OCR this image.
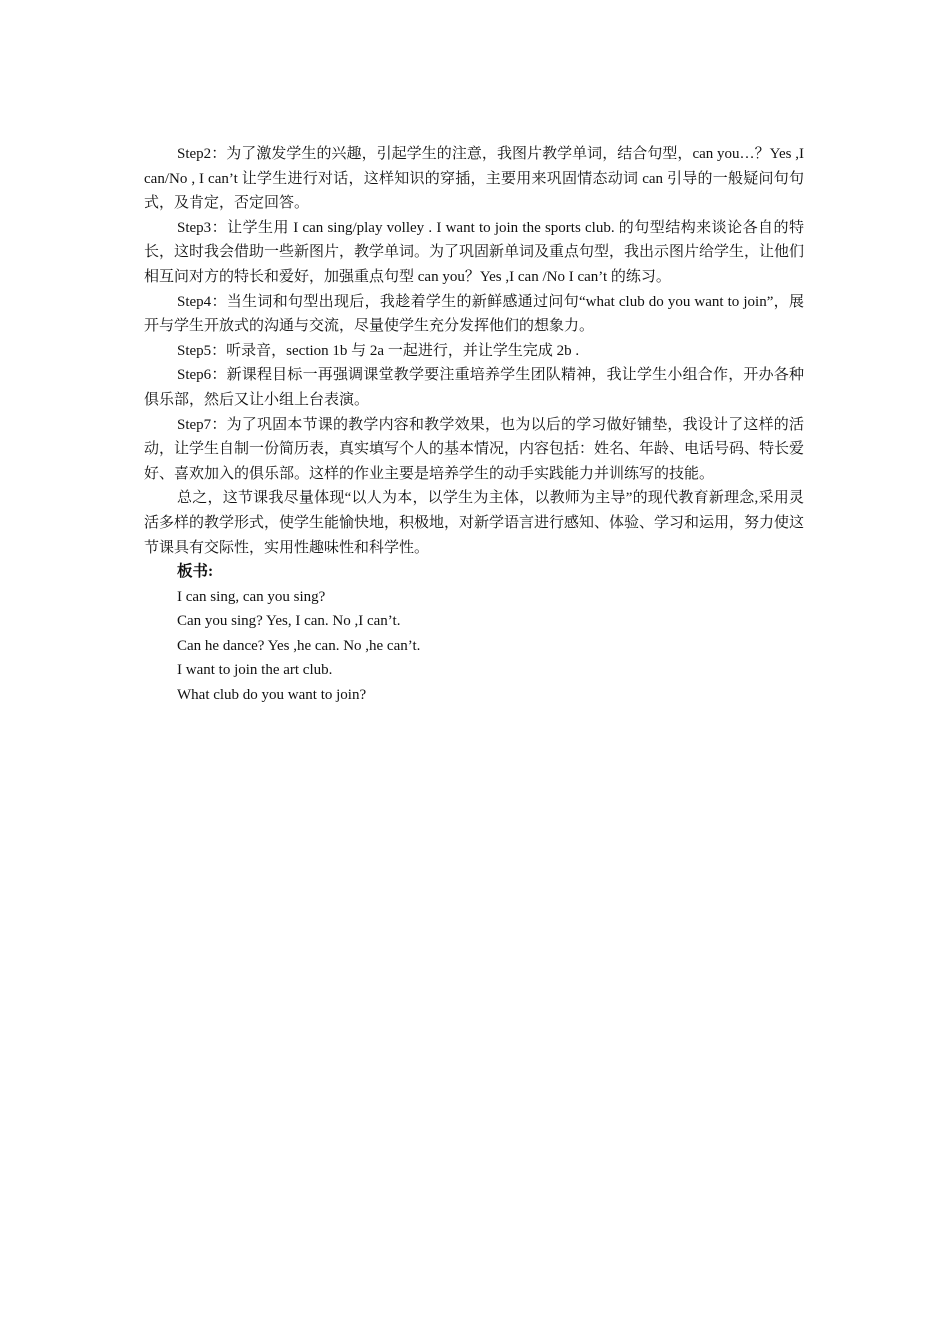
Step2：为了激发学生的兴趣，引起学生的注意，我图片教学单词，结合句型，can you…？Yes ,I can/No , I can’t 让学生进行对话，这样知识的穿插，主要用来巩固情态动词 can 引导的一般疑问句句式，及肯定，否定回答。

Step3：让学生用 I can sing/play volley . I want to join the sports club. 的句型结构来谈论各自的特长，这时我会借助一些新图片，教学单词。为了巩固新单词及重点句型，我出示图片给学生，让他们相互问对方的特长和爱好，加强重点句型 can you？Yes ,I can /No I can’t 的练习。

Step4：当生词和句型出现后，我趁着学生的新鲜感通过问句“what club do you want to join”，展开与学生开放式的沟通与交流，尽量使学生充分发挥他们的想象力。

Step5：听录音，section 1b 与 2a 一起进行，并让学生完成 2b .

Step6：新课程目标一再强调课堂教学要注重培养学生团队精神，我让学生小组合作，开办各种俱乐部，然后又让小组上台表演。

Step7：为了巩固本节课的教学内容和教学效果，也为以后的学习做好铺垫，我设计了这样的活动，让学生自制一份简历表，真实填写个人的基本情况，内容包括：姓名、年龄、电话号码、特长爱好、喜欢加入的俱乐部。这样的作业主要是培养学生的动手实践能力并训练写的技能。

总之，这节课我尽量体现“以人为本，以学生为主体，以教师为主导”的现代教育新理念,采用灵活多样的教学形式，使学生能愉快地，积极地，对新学语言进行感知、体验、学习和运用，努力使这节课具有交际性，实用性趣味性和科学性。

板书:

I can sing, can you sing?

Can you sing? Yes, I can. No ,I can’t.

Can he dance? Yes ,he can. No ,he can’t.

I want to join the art club.

What club do you want to join?
